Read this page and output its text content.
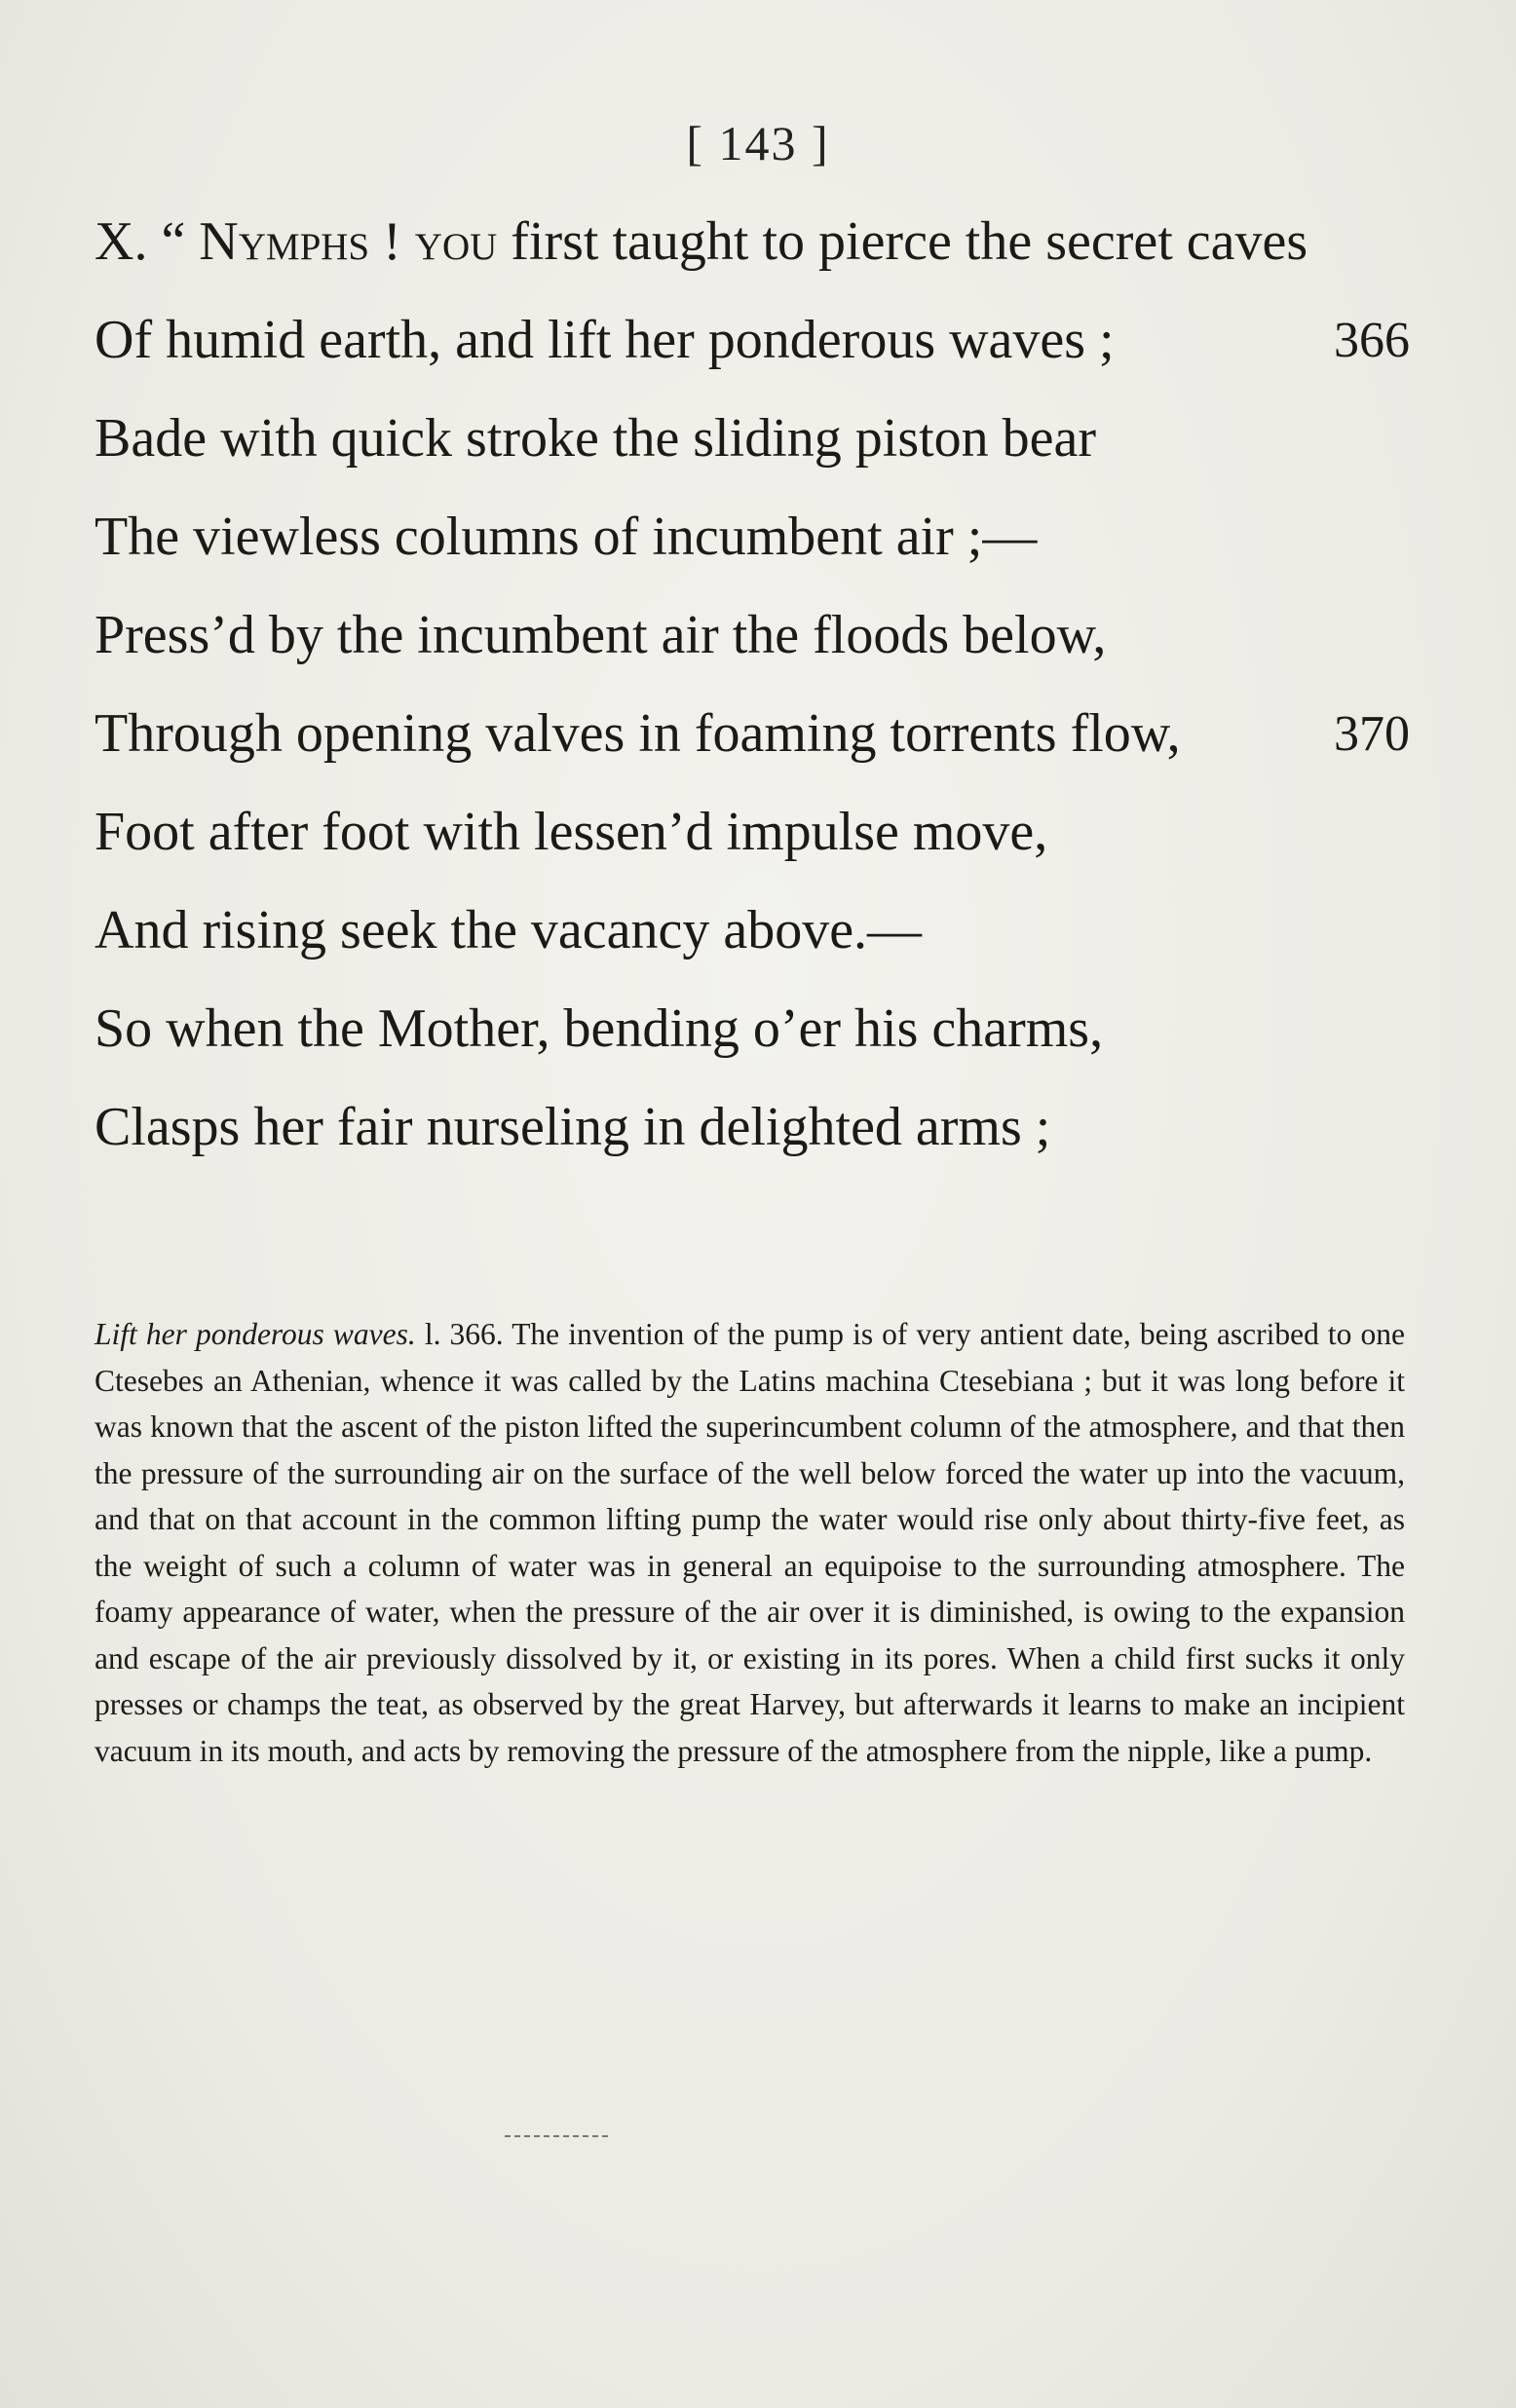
[ 143 ]
X. “ Nymphs ! you first taught to pierce the secret caves
Of humid earth, and lift her ponderous waves ;	366
Bade with quick stroke the sliding piston bear
The viewless columns of incumbent air ;—
Press’d by the incumbent air the floods below,
Through opening valves in foaming torrents flow,	370
Foot after foot with lessen’d impulse move,
And rising seek the vacancy above.—
So when the Mother, bending o’er his charms,
Clasps her fair nurseling in delighted arms ;
Lift her ponderous waves. l. 366. The invention of the pump is of very antient date, being ascribed to one Ctesebes an Athenian, whence it was called by the Latins machina Ctesebiana ; but it was long before it was known that the ascent of the piston lifted the superincumbent column of the atmosphere, and that then the pressure of the surrounding air on the surface of the well below forced the water up into the vacuum, and that on that account in the common lifting pump the water would rise only about thirty-five feet, as the weight of such a column of water was in general an equipoise to the surrounding atmosphere. The foamy appearance of water, when the pressure of the air over it is diminished, is owing to the expansion and escape of the air previously dissolved by it, or existing in its pores. When a child first sucks it only presses or champs the teat, as observed by the great Harvey, but afterwards it learns to make an incipient vacuum in its mouth, and acts by removing the pressure of the atmosphere from the nipple, like a pump.
